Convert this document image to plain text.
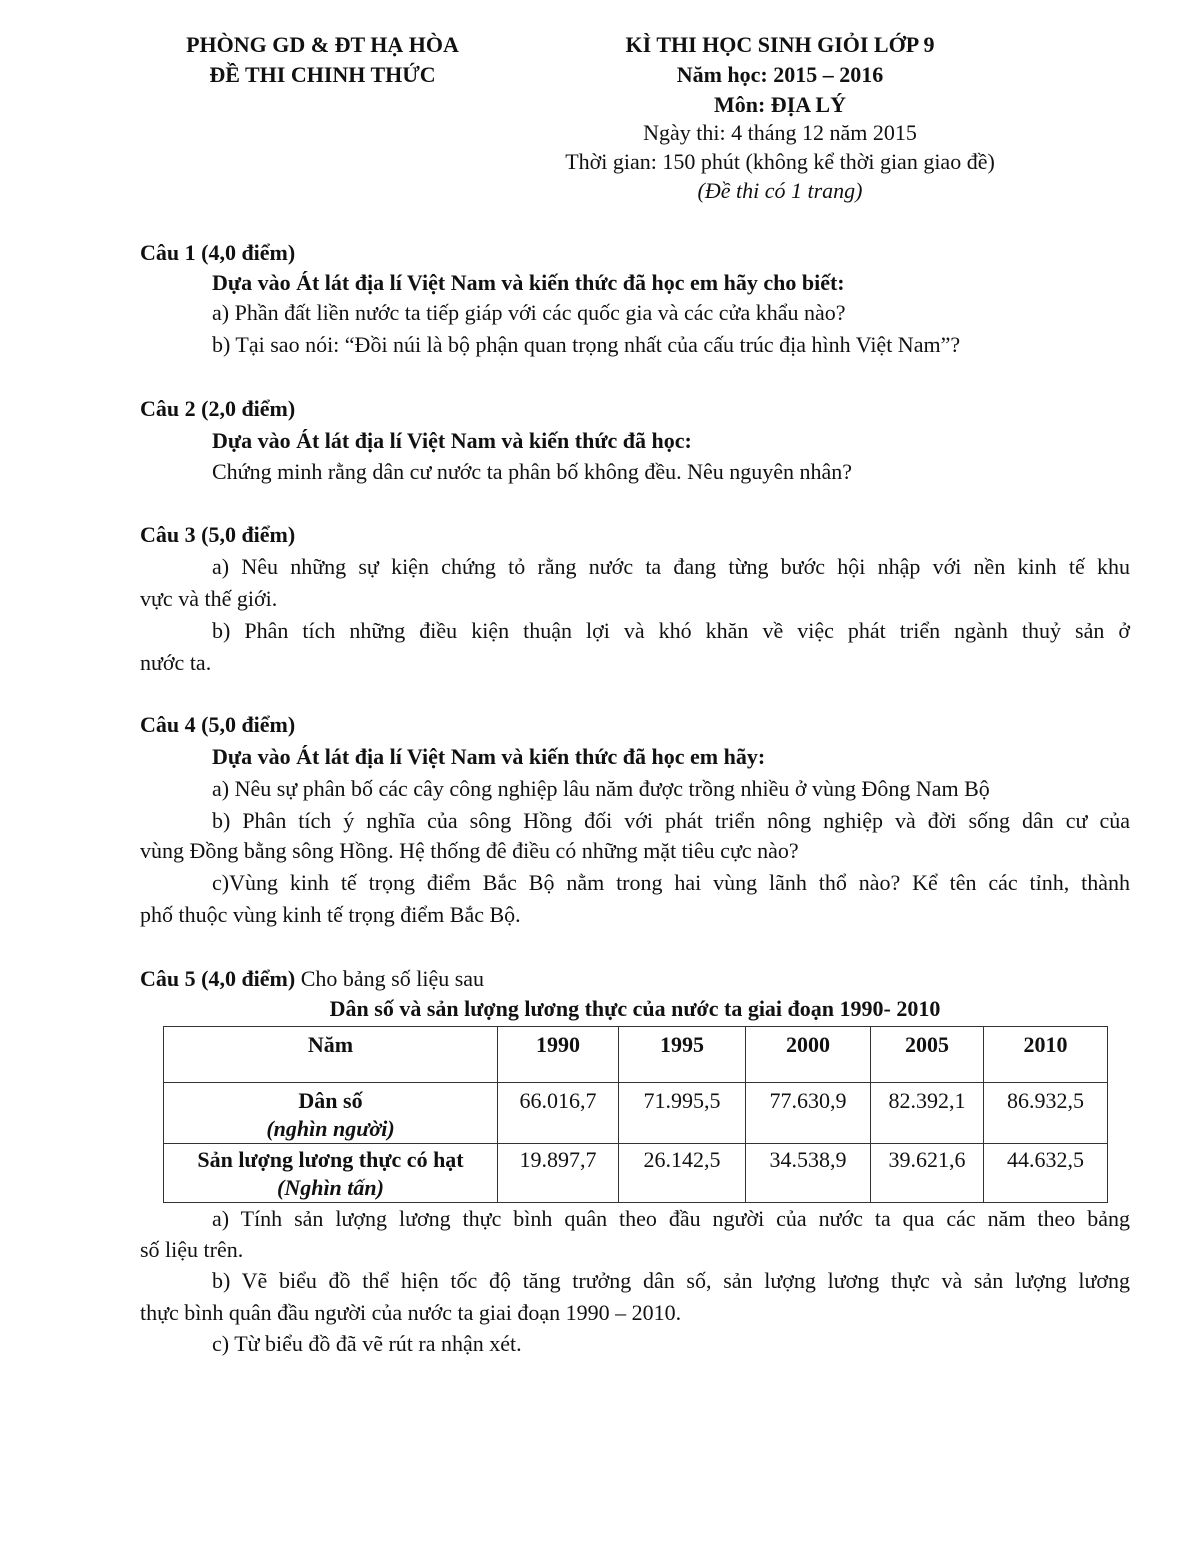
PHÒNG GD & ĐT HẠ HÒA
ĐỀ THI CHINH THỨC
KÌ THI HỌC SINH GIỎI LỚP 9
Năm học: 2015 – 2016
Môn: ĐỊA LÝ
Ngày thi: 4 tháng 12 năm 2015
Thời gian: 150 phút (không kể thời gian giao đề)
(Đề thi có 1 trang)
Câu 1 (4,0 điểm)
Dựa vào Át lát địa lí Việt Nam và kiến thức đã học em hãy cho biết:
a) Phần đất liền nước ta tiếp giáp với các quốc gia và các cửa khẩu nào?
b) Tại sao nói: “Đồi núi là bộ phận quan trọng nhất của cấu trúc địa hình Việt Nam”?
Câu 2 (2,0 điểm)
Dựa vào Át lát địa lí Việt Nam và kiến thức đã học:
Chứng minh rằng dân cư nước ta phân bố không đều. Nêu nguyên nhân?
Câu 3 (5,0 điểm)
a) Nêu những sự kiện chứng tỏ rằng nước ta đang từng bước hội nhập với nền kinh tế khu
vực và thế giới.
b) Phân tích những điều kiện thuận lợi và khó khăn về việc phát triển ngành thuỷ sản ở
nước ta.
Câu 4 (5,0 điểm)
Dựa vào Át lát địa lí Việt Nam và kiến thức đã học em hãy:
a) Nêu sự phân bố các cây công nghiệp lâu năm được trồng nhiều ở vùng Đông Nam Bộ
b) Phân tích ý nghĩa của sông Hồng đối với phát triển nông nghiệp và đời sống dân cư của
vùng Đồng bằng sông Hồng. Hệ thống đê điều có những mặt tiêu cực nào?
c)Vùng kinh tế trọng điểm Bắc Bộ nằm trong hai vùng lãnh thổ nào? Kể tên các tỉnh, thành
phố thuộc vùng kinh tế trọng điểm Bắc Bộ.
Câu 5 (4,0 điểm) Cho bảng số liệu sau
Dân số và sản lượng lương thực của nước ta giai đoạn 1990- 2010
Năm	1990	1995	2000	2005	2010

Dân số
(nghìn người)	66.016,7	71.995,5	77.630,9	82.392,1	86.932,5

Sản lượng lương thực có hạt
(Nghìn tấn)	19.897,7	26.142,5	34.538,9	39.621,6	44.632,5
a) Tính sản lượng lương thực bình quân theo đầu người của nước ta qua các năm theo bảng
số liệu trên.
b) Vẽ biểu đồ thể hiện tốc độ tăng trưởng dân số, sản lượng lương thực và sản lượng lương
thực bình quân đầu người của nước ta giai đoạn 1990 – 2010.
c) Từ biểu đồ đã vẽ rút ra nhận xét.
